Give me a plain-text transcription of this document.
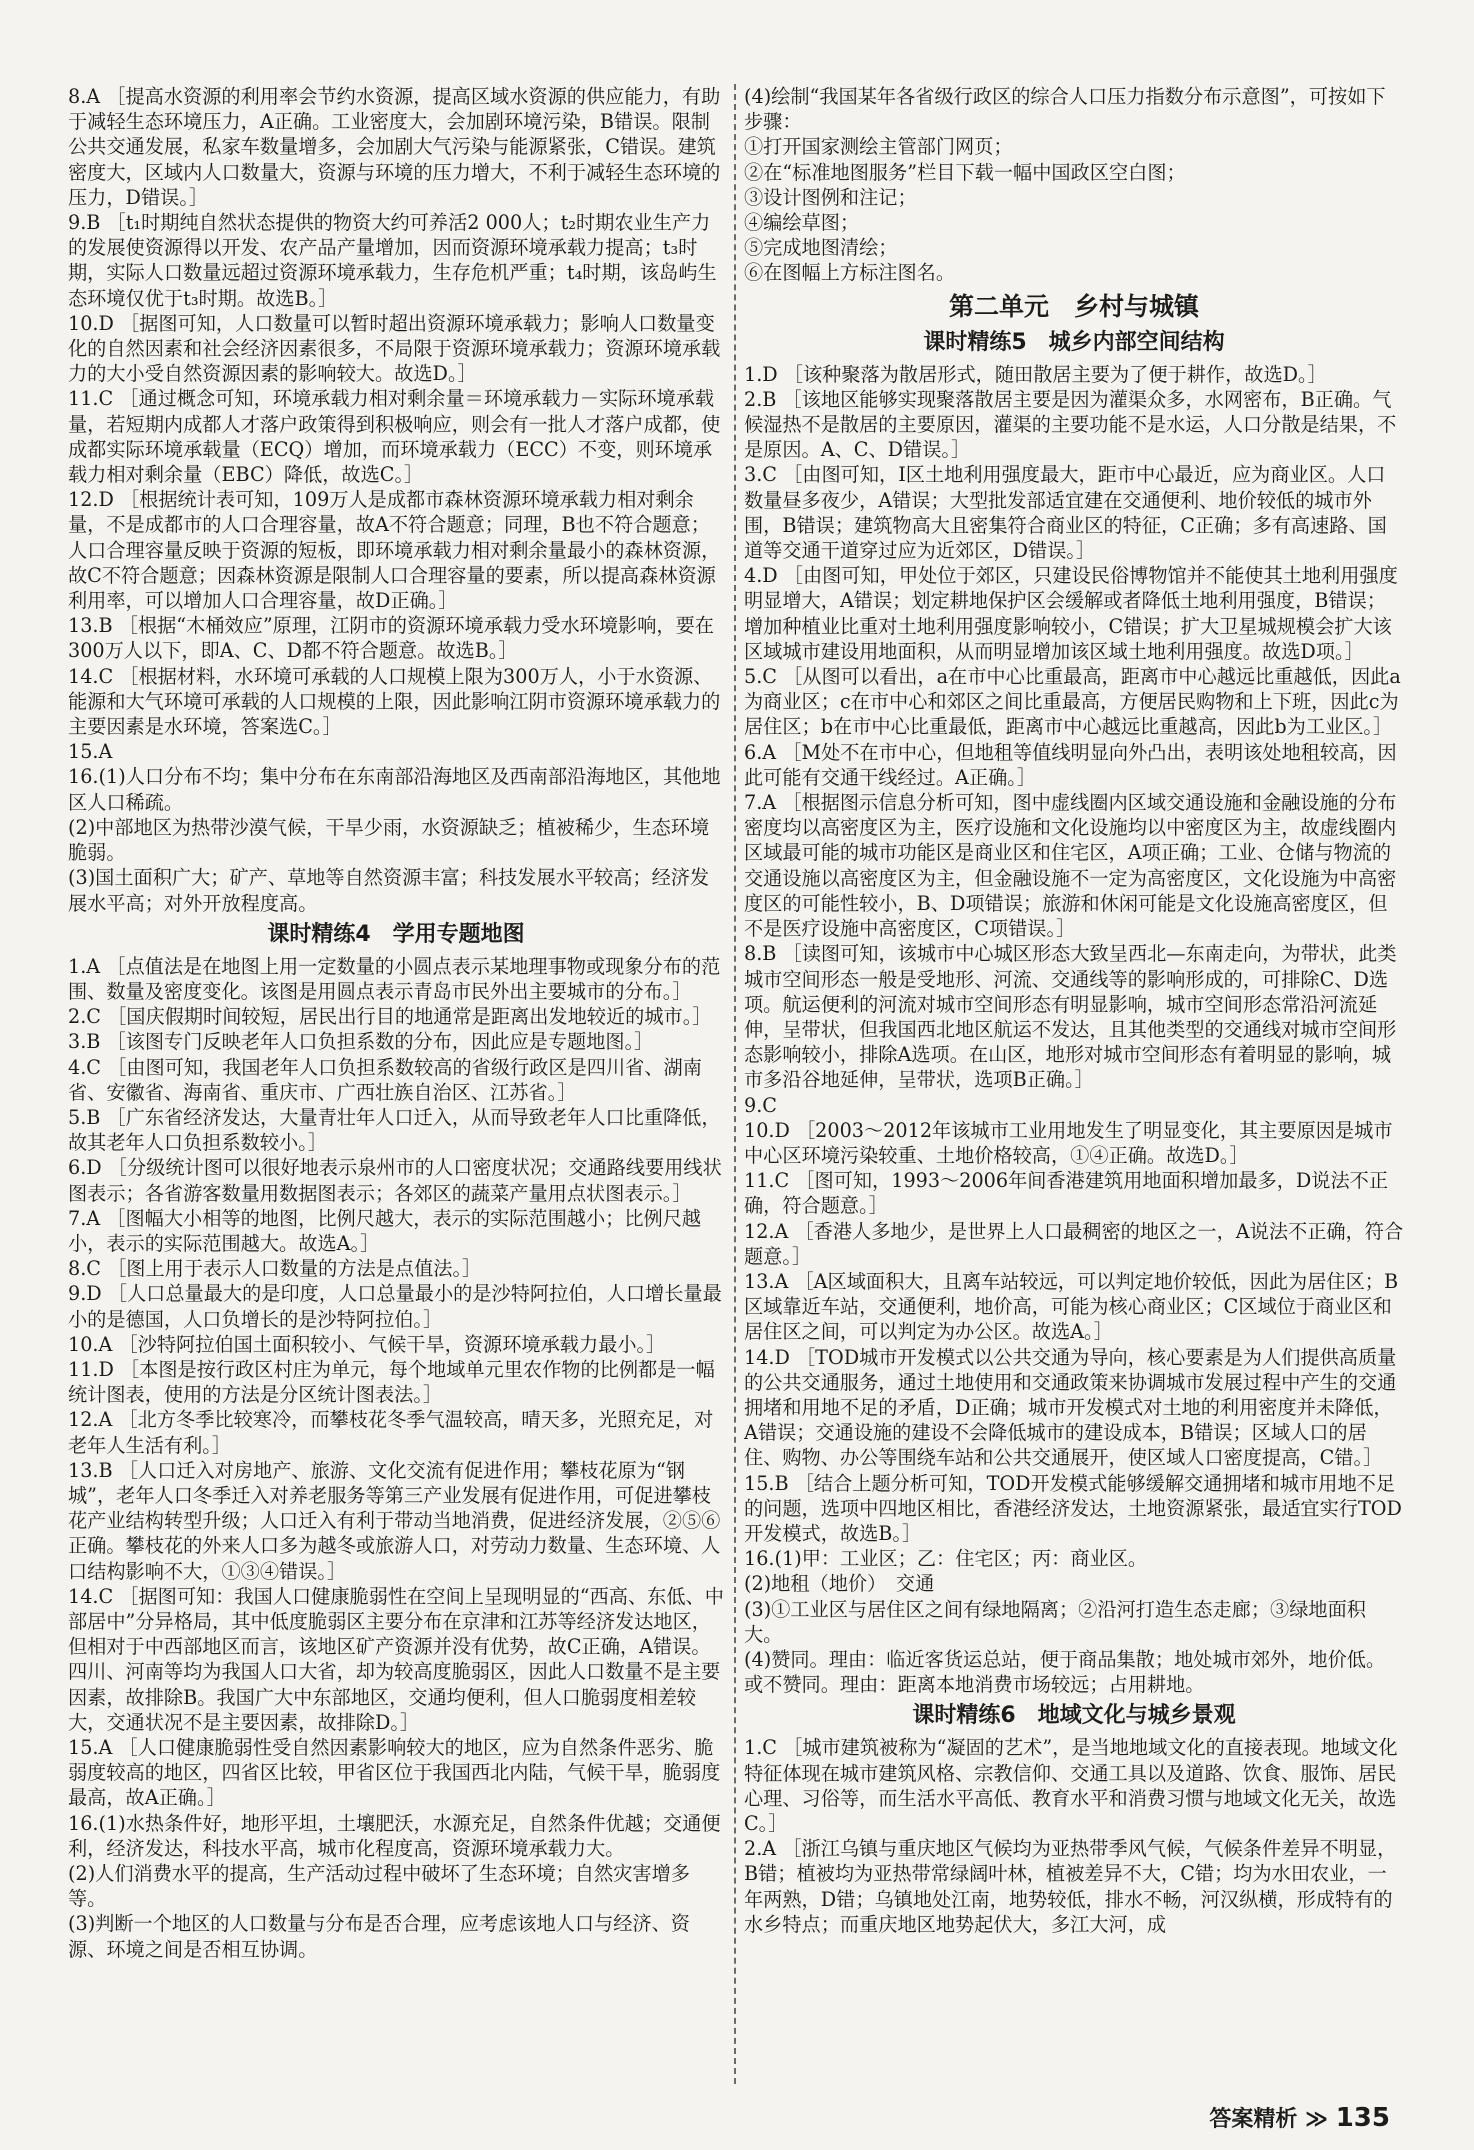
8.A ［提高水资源的利用率会节约水资源，提高区域水资源的供应能力，有助于减轻生态环境压力，A正确。工业密度大，会加剧环境污染，B错误。限制公共交通发展，私家车数量增多，会加剧大气污染与能源紧张，C错误。建筑密度大，区域内人口数量大，资源与环境的压力增大，不利于减轻生态环境的压力，D错误。］
9.B ［t₁时期纯自然状态提供的物资大约可养活2 000人；t₂时期农业生产力的发展使资源得以开发、农产品产量增加，因而资源环境承载力提高；t₃时期，实际人口数量远超过资源环境承载力，生存危机严重；t₄时期，该岛屿生态环境仅优于t₃时期。故选B。］
10.D ［据图可知，人口数量可以暂时超出资源环境承载力；影响人口数量变化的自然因素和社会经济因素很多，不局限于资源环境承载力；资源环境承载力的大小受自然资源因素的影响较大。故选D。］
11.C ［通过概念可知，环境承载力相对剩余量＝环境承载力－实际环境承载量，若短期内成都人才落户政策得到积极响应，则会有一批人才落户成都，使成都实际环境承载量（ECQ）增加，而环境承载力（ECC）不变，则环境承载力相对剩余量（EBC）降低，故选C。］
12.D ［根据统计表可知，109万人是成都市森林资源环境承载力相对剩余量，不是成都市的人口合理容量，故A不符合题意；同理，B也不符合题意；人口合理容量反映于资源的短板，即环境承载力相对剩余量最小的森林资源，故C不符合题意；因森林资源是限制人口合理容量的要素，所以提高森林资源利用率，可以增加人口合理容量，故D正确。］
13.B ［根据“木桶效应”原理，江阴市的资源环境承载力受水环境影响，要在300万人以下，即A、C、D都不符合题意。故选B。］
14.C ［根据材料，水环境可承载的人口规模上限为300万人，小于水资源、能源和大气环境可承载的人口规模的上限，因此影响江阴市资源环境承载力的主要因素是水环境，答案选C。］
15.A
16.(1)人口分布不均；集中分布在东南部沿海地区及西南部沿海地区，其他地区人口稀疏。
(2)中部地区为热带沙漠气候，干旱少雨，水资源缺乏；植被稀少，生态环境脆弱。
(3)国土面积广大；矿产、草地等自然资源丰富；科技发展水平较高；经济发展水平高；对外开放程度高。
课时精练4　学用专题地图
1.A ［点值法是在地图上用一定数量的小圆点表示某地理事物或现象分布的范围、数量及密度变化。该图是用圆点表示青岛市民外出主要城市的分布。］
2.C ［国庆假期时间较短，居民出行目的地通常是距离出发地较近的城市。］
3.B ［该图专门反映老年人口负担系数的分布，因此应是专题地图。］
4.C ［由图可知，我国老年人口负担系数较高的省级行政区是四川省、湖南省、安徽省、海南省、重庆市、广西壮族自治区、江苏省。］
5.B ［广东省经济发达，大量青壮年人口迁入，从而导致老年人口比重降低，故其老年人口负担系数较小。］
6.D ［分级统计图可以很好地表示泉州市的人口密度状况；交通路线要用线状图表示；各省游客数量用数据图表示；各郊区的蔬菜产量用点状图表示。］
7.A ［图幅大小相等的地图，比例尺越大，表示的实际范围越小；比例尺越小，表示的实际范围越大。故选A。］
8.C ［图上用于表示人口数量的方法是点值法。］
9.D ［人口总量最大的是印度，人口总量最小的是沙特阿拉伯，人口增长量最小的是德国，人口负增长的是沙特阿拉伯。］
10.A ［沙特阿拉伯国土面积较小、气候干旱，资源环境承载力最小。］
11.D ［本图是按行政区村庄为单元，每个地域单元里农作物的比例都是一幅统计图表，使用的方法是分区统计图表法。］
12.A ［北方冬季比较寒冷，而攀枝花冬季气温较高，晴天多，光照充足，对老年人生活有利。］
13.B ［人口迁入对房地产、旅游、文化交流有促进作用；攀枝花原为“钢城”，老年人口冬季迁入对养老服务等第三产业发展有促进作用，可促进攀枝花产业结构转型升级；人口迁入有利于带动当地消费，促进经济发展，②⑤⑥正确。攀枝花的外来人口多为越冬或旅游人口，对劳动力数量、生态环境、人口结构影响不大，①③④错误。］
14.C ［据图可知：我国人口健康脆弱性在空间上呈现明显的“西高、东低、中部居中”分异格局，其中低度脆弱区主要分布在京津和江苏等经济发达地区，但相对于中西部地区而言，该地区矿产资源并没有优势，故C正确，A错误。四川、河南等均为我国人口大省，却为较高度脆弱区，因此人口数量不是主要因素，故排除B。我国广大中东部地区，交通均便利，但人口脆弱度相差较大，交通状况不是主要因素，故排除D。］
15.A ［人口健康脆弱性受自然因素影响较大的地区，应为自然条件恶劣、脆弱度较高的地区，四省区比较，甲省区位于我国西北内陆，气候干旱，脆弱度最高，故A正确。］
16.(1)水热条件好，地形平坦，土壤肥沃，水源充足，自然条件优越；交通便利，经济发达，科技水平高，城市化程度高，资源环境承载力大。
(2)人们消费水平的提高，生产活动过程中破坏了生态环境；自然灾害增多等。
(3)判断一个地区的人口数量与分布是否合理，应考虑该地人口与经济、资源、环境之间是否相互协调。
(4)绘制“我国某年各省级行政区的综合人口压力指数分布示意图”，可按如下步骤：
①打开国家测绘主管部门网页；
②在“标准地图服务”栏目下载一幅中国政区空白图；
③设计图例和注记；
④编绘草图；
⑤完成地图清绘；
⑥在图幅上方标注图名。
第二单元　乡村与城镇
课时精练5　城乡内部空间结构
1.D ［该种聚落为散居形式，随田散居主要为了便于耕作，故选D。］
2.B ［该地区能够实现聚落散居主要是因为灌渠众多，水网密布，B正确。气候湿热不是散居的主要原因，灌渠的主要功能不是水运，人口分散是结果，不是原因。A、C、D错误。］
3.C ［由图可知，Ⅰ区土地利用强度最大，距市中心最近，应为商业区。人口数量昼多夜少，A错误；大型批发部适宜建在交通便利、地价较低的城市外围，B错误；建筑物高大且密集符合商业区的特征，C正确；多有高速路、国道等交通干道穿过应为近郊区，D错误。］
4.D ［由图可知，甲处位于郊区，只建设民俗博物馆并不能使其土地利用强度明显增大，A错误；划定耕地保护区会缓解或者降低土地利用强度，B错误；增加种植业比重对土地利用强度影响较小，C错误；扩大卫星城规模会扩大该区域城市建设用地面积，从而明显增加该区域土地利用强度。故选D项。］
5.C ［从图可以看出，a在市中心比重最高，距离市中心越远比重越低，因此a为商业区；c在市中心和郊区之间比重最高，方便居民购物和上下班，因此c为居住区；b在市中心比重最低，距离市中心越远比重越高，因此b为工业区。］
6.A ［M处不在市中心，但地租等值线明显向外凸出，表明该处地租较高，因此可能有交通干线经过。A正确。］
7.A ［根据图示信息分析可知，图中虚线圈内区域交通设施和金融设施的分布密度均以高密度区为主，医疗设施和文化设施均以中密度区为主，故虚线圈内区域最可能的城市功能区是商业区和住宅区，A项正确；工业、仓储与物流的交通设施以高密度区为主，但金融设施不一定为高密度区，文化设施为中高密度区的可能性较小，B、D项错误；旅游和休闲可能是文化设施高密度区，但不是医疗设施中高密度区，C项错误。］
8.B ［读图可知，该城市中心城区形态大致呈西北—东南走向，为带状，此类城市空间形态一般是受地形、河流、交通线等的影响形成的，可排除C、D选项。航运便利的河流对城市空间形态有明显影响，城市空间形态常沿河流延伸，呈带状，但我国西北地区航运不发达，且其他类型的交通线对城市空间形态影响较小，排除A选项。在山区，地形对城市空间形态有着明显的影响，城市多沿谷地延伸，呈带状，选项B正确。］
9.C
10.D ［2003～2012年该城市工业用地发生了明显变化，其主要原因是城市中心区环境污染较重、土地价格较高，①④正确。故选D。］
11.C ［图可知，1993～2006年间香港建筑用地面积增加最多，D说法不正确，符合题意。］
12.A ［香港人多地少，是世界上人口最稠密的地区之一，A说法不正确，符合题意。］
13.A ［A区域面积大，且离车站较远，可以判定地价较低，因此为居住区；B区域靠近车站，交通便利，地价高，可能为核心商业区；C区域位于商业区和居住区之间，可以判定为办公区。故选A。］
14.D ［TOD城市开发模式以公共交通为导向，核心要素是为人们提供高质量的公共交通服务，通过土地使用和交通政策来协调城市发展过程中产生的交通拥堵和用地不足的矛盾，D正确；城市开发模式对土地的利用密度并未降低，A错误；交通设施的建设不会降低城市的建设成本，B错误；区域人口的居住、购物、办公等围绕车站和公共交通展开，使区域人口密度提高，C错。］
15.B ［结合上题分析可知，TOD开发模式能够缓解交通拥堵和城市用地不足的问题，选项中四地区相比，香港经济发达，土地资源紧张，最适宜实行TOD开发模式，故选B。］
16.(1)甲：工业区；乙：住宅区；丙：商业区。
(2)地租（地价）　交通
(3)①工业区与居住区之间有绿地隔离；②沿河打造生态走廊；③绿地面积大。
(4)赞同。理由：临近客货运总站，便于商品集散；地处城市郊外，地价低。
或不赞同。理由：距离本地消费市场较远；占用耕地。
课时精练6　地域文化与城乡景观
1.C ［城市建筑被称为“凝固的艺术”，是当地地域文化的直接表现。地域文化特征体现在城市建筑风格、宗教信仰、交通工具以及道路、饮食、服饰、居民心理、习俗等，而生活水平高低、教育水平和消费习惯与地域文化无关，故选C。］
2.A ［浙江乌镇与重庆地区气候均为亚热带季风气候，气候条件差异不明显，B错；植被均为亚热带常绿阔叶林，植被差异不大，C错；均为水田农业，一年两熟，D错；乌镇地处江南，地势较低，排水不畅，河汉纵横，形成特有的水乡特点；而重庆地区地势起伏大，多江大河，成
答案精析 ≫ 135
